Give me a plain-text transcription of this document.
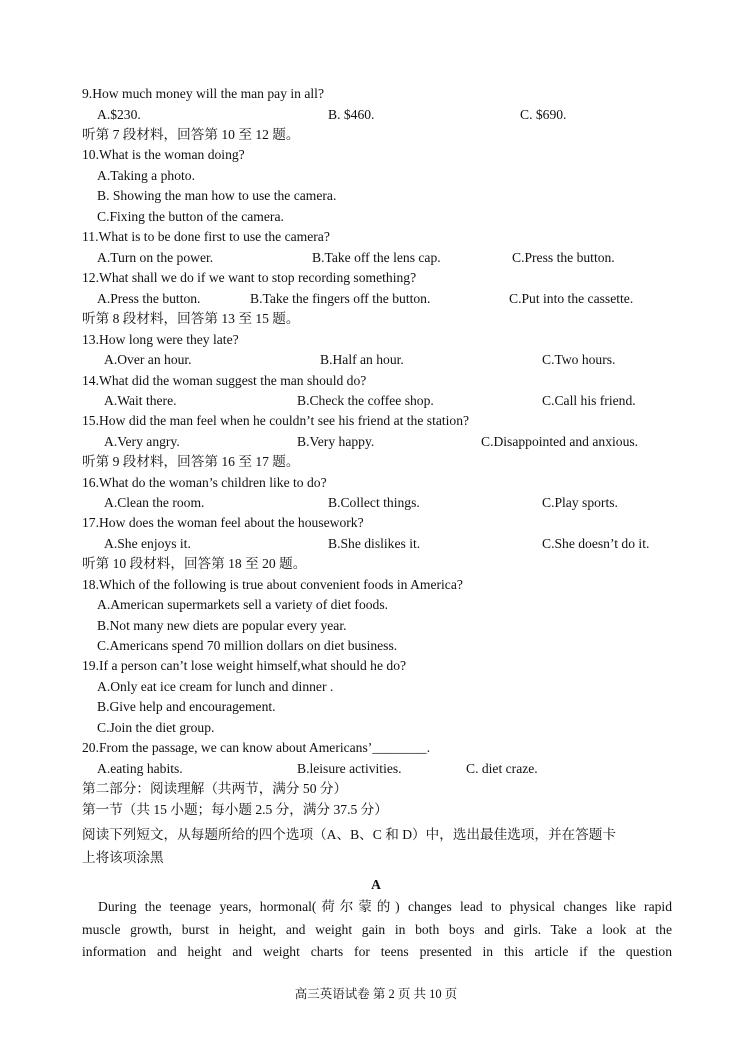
9.How much money will the man pay in all?
A.$230.	B. $460.	C. $690.
听第 7 段材料，回答第 10 至 12 题。
10.What is the woman doing?
A.Taking a photo.
B. Showing the man how to use the camera.
C.Fixing the button of the camera.
11.What is to be done first to use the camera?
A.Turn on the power.	B.Take off the lens cap.	C.Press the button.
12.What shall we do if we want to stop recording something?
A.Press the button.	B.Take the fingers off the button.	C.Put into the cassette.
听第 8 段材料，回答第 13 至 15 题。
13.How long were they late?
A.Over an hour.	B.Half an hour.	C.Two hours.
14.What did the woman suggest the man should do?
A.Wait there.	B.Check the coffee shop.	C.Call his friend.
15.How did the man feel when he couldn’t see his friend at the station?
A.Very angry.	B.Very happy.	C.Disappointed and anxious.
听第 9 段材料，回答第 16 至 17 题。
16.What do the woman’s children like to do?
A.Clean the room.	B.Collect things.	C.Play sports.
17.How does the woman feel about the housework?
A.She enjoys it.	B.She dislikes it.	C.She doesn’t do it.
听第 10 段材料，回答第 18 至 20 题。
18.Which of the following is true about convenient foods in America?
A.American supermarkets sell a variety of diet foods.
B.Not many new diets are popular every year.
C.Americans spend 70 million dollars on diet business.
19.If a person can’t lose weight himself,what should he do?
A.Only eat ice cream for lunch and dinner .
B.Give help and encouragement.
C.Join the diet group.
20.From the passage, we can know about Americans’________.
A.eating habits.	B.leisure activities.	C. diet craze.
第二部分：阅读理解（共两节，满分 50 分）
第一节（共 15 小题；每小题 2.5 分，满分 37.5 分）
阅读下列短文，从每题所给的四个选项（A、B、C 和 D）中，选出最佳选项，并在答题卡
上将该项涂黑
A
During the teenage years, hormonal(荷尔蒙的) changes lead to physical changes like rapid
muscle growth, burst in height, and weight gain in both boys and girls. Take a look at the
information and height and weight charts for teens presented in this article if the question
高三英语试卷 第 2 页 共 10 页
